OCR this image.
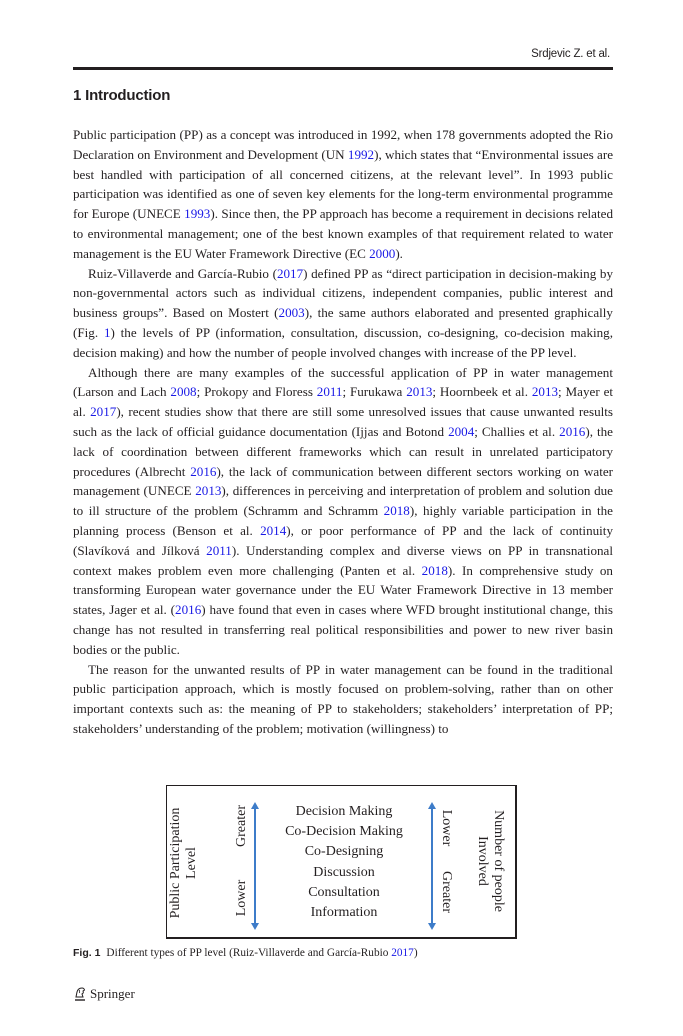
Srdjevic Z. et al.
1 Introduction

Public participation (PP) as a concept was introduced in 1992, when 178 governments adopted the Rio Declaration on Environment and Development (UN 1992), which states that “Environmental issues are best handled with participation of all concerned citizens, at the relevant level”. In 1993 public participation was identified as one of seven key elements for the long-term environmental programme for Europe (UNECE 1993). Since then, the PP approach has become a requirement in decisions related to environmental management; one of the best known examples of that requirement related to water management is the EU Water Framework Directive (EC 2000).

Ruiz-Villaverde and García-Rubio (2017) defined PP as “direct participation in decision-making by non-governmental actors such as individual citizens, independent companies, public interest and business groups”. Based on Mostert (2003), the same authors elaborated and presented graphically (Fig. 1) the levels of PP (information, consultation, discussion, co-designing, co-decision making, decision making) and how the number of people involved changes with increase of the PP level.

Although there are many examples of the successful application of PP in water management (Larson and Lach 2008; Prokopy and Floress 2011; Furukawa 2013; Hoornbeek et al. 2013; Mayer et al. 2017), recent studies show that there are still some unresolved issues that cause unwanted results such as the lack of official guidance documentation (Ijjas and Botond 2004; Challies et al. 2016), the lack of coordination between different frameworks which can result in unrelated participatory procedures (Albrecht 2016), the lack of communication between different sectors working on water management (UNECE 2013), differences in perceiving and interpretation of problem and solution due to ill structure of the problem (Schramm and Schramm 2018), highly variable participation in the planning process (Benson et al. 2014), or poor performance of PP and the lack of continuity (Slavíková and Jílková 2011). Understanding complex and diverse views on PP in transnational context makes problem even more challenging (Panten et al. 2018). In comprehensive study on transforming European water governance under the EU Water Framework Directive in 13 member states, Jager et al. (2016) have found that even in cases where WFD brought institutional change, this change has not resulted in transferring real political responsibilities and power to new river basin bodies or the public.

The reason for the unwanted results of PP in water management can be found in the traditional public participation approach, which is mostly focused on problem-solving, rather than on other important contexts such as: the meaning of PP to stakeholders; stakeholders’ interpretation of PP; stakeholders’ understanding of the problem; motivation (willingness) to

Public Participation Level
Greater
Lower
Decision Making
Co-Decision Making
Co-Designing
Discussion
Consultation
Information
Lower
Greater	Number of people
Involved
Fig. 1 Different types of PP level (Ruiz-Villaverde and García-Rubio 2017)
Springer
